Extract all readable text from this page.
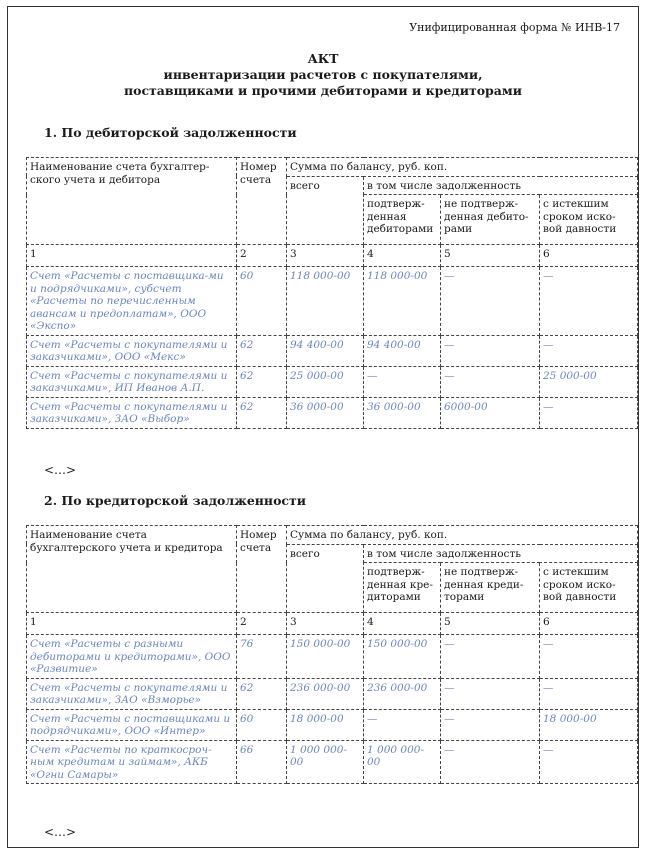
Унифицированная форма № ИНВ-17
АКТ
инвентаризации расчетов с покупателями,
поставщиками и прочими дебиторами и кредиторами
1. По дебиторской задолженности
Наименование счета бухгалтер-ского учета и дебитора	Номер счета	Сумма по балансу, руб. коп.			
		всего	в том числе задолженность		
			подтверж-денная дебиторами	не подтверж-денная дебито-рами	с истекшим сроком иско-вой давности
1	2	3	4	5	6
Счет «Расчеты с поставщика-ми и подрядчиками», субсчет «Расчеты по перечисленным авансам и предоплатам», ООО «Экспо»	60	118 000-00	118 000-00	—	—
Счет «Расчеты с покупателями и заказчиками», ООО «Мекс»	62	94 400-00	94 400-00	—	—
Счет «Расчеты с покупателями и заказчиками», ИП Иванов А.П.	62	25 000-00	—	—	25 000-00
Счет «Расчеты с покупателями и заказчиками», ЗАО «Выбор»	62	36 000-00	36 000-00	6000-00	—
<…>
2. По кредиторской задолженности
Наименование счета бухгалтерского учета и кредитора	Номер счета	Сумма по балансу, руб. коп.			
		всего	в том числе задолженность		
			подтверж-денная кре-диторами	не подтверж-денная креди-торами	с истекшим сроком иско-вой давности
1	2	3	4	5	6
Счет «Расчеты с разными дебиторами и кредиторами», ООО «Развитие»	76	150 000-00	150 000-00	—	—
Счет «Расчеты с покупателями и заказчиками», ЗАО «Взморье»	62	236 000-00	236 000-00	—	—
Счет «Расчеты с поставщиками и подрядчиками», ООО «Интер»	60	18 000-00	—	—	18 000-00
Счет «Расчеты по краткосроч-ным кредитам и займам», АКБ «Огни Самары»	66	1 000 000-00	1 000 000-00	—	—
<…>
